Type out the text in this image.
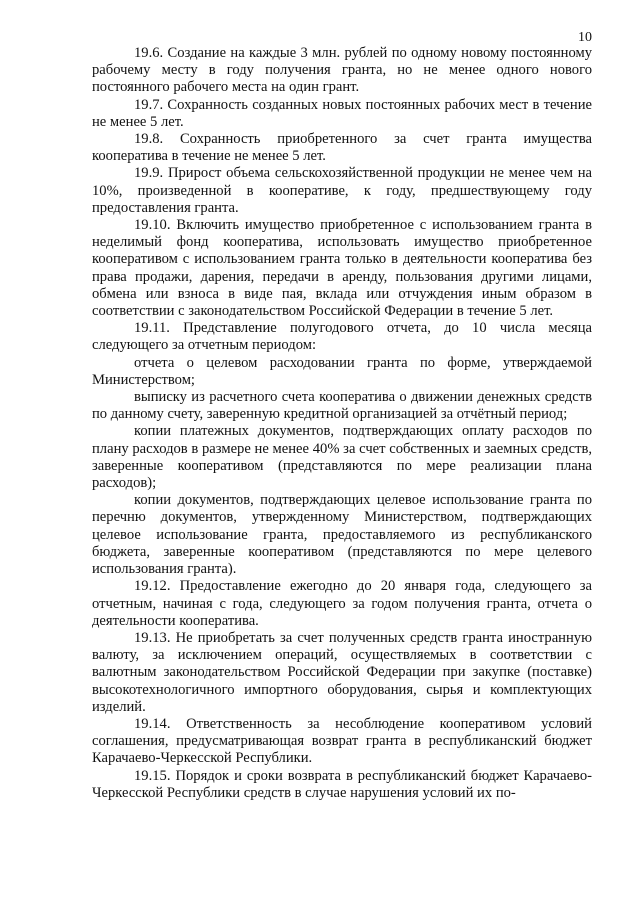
10

19.6. Создание на каждые 3 млн. рублей по одному новому постоянному рабочему месту в году получения гранта, но не менее одного нового постоянного рабочего места на один грант.

19.7. Сохранность созданных новых постоянных рабочих мест в течение не менее 5 лет.

19.8. Сохранность приобретенного за счет гранта имущества кооператива в течение не менее 5 лет.

19.9. Прирост объема сельскохозяйственной продукции не менее чем на 10%, произведенной в кооперативе, к году, предшествующему году предоставления гранта.

19.10. Включить имущество приобретенное с использованием гранта в неделимый фонд кооператива, использовать имущество приобретенное кооперативом с использованием гранта только в деятельности кооператива без права продажи, дарения, передачи в аренду, пользования другими лицами, обмена или взноса в виде пая, вклада или отчуждения иным образом в соответствии с законодательством Российской Федерации в течение 5 лет.

19.11. Представление полугодового отчета, до 10 числа месяца следующего за отчетным периодом:

отчета о целевом расходовании гранта по форме, утверждаемой Министерством;

выписку из расчетного счета кооператива о движении денежных средств по данному счету, заверенную кредитной организацией за отчётный период;

копии платежных документов, подтверждающих оплату расходов по плану расходов в размере не менее 40% за счет собственных и заемных средств, заверенные кооперативом (представляются по мере реализации плана расходов);

копии документов, подтверждающих целевое использование гранта по перечню документов, утвержденному Министерством, подтверждающих целевое использование гранта, предоставляемого из республиканского бюджета, заверенные кооперативом (представляются по мере целевого использования гранта).

19.12. Предоставление ежегодно до 20 января года, следующего за отчетным, начиная с года, следующего за годом получения гранта, отчета о деятельности кооператива.

19.13. Не приобретать за счет полученных средств гранта иностранную валюту, за исключением операций, осуществляемых в соответствии с валютным законодательством Российской Федерации при закупке (поставке) высокотехнологичного импортного оборудования, сырья и комплектующих изделий.

19.14. Ответственность за несоблюдение кооперативом условий соглашения, предусматривающая возврат гранта в республиканский бюджет Карачаево-Черкесской Республики.

19.15. Порядок и сроки возврата в республиканский бюджет Карачаево-Черкесской Республики средств в случае нарушения условий их по-
